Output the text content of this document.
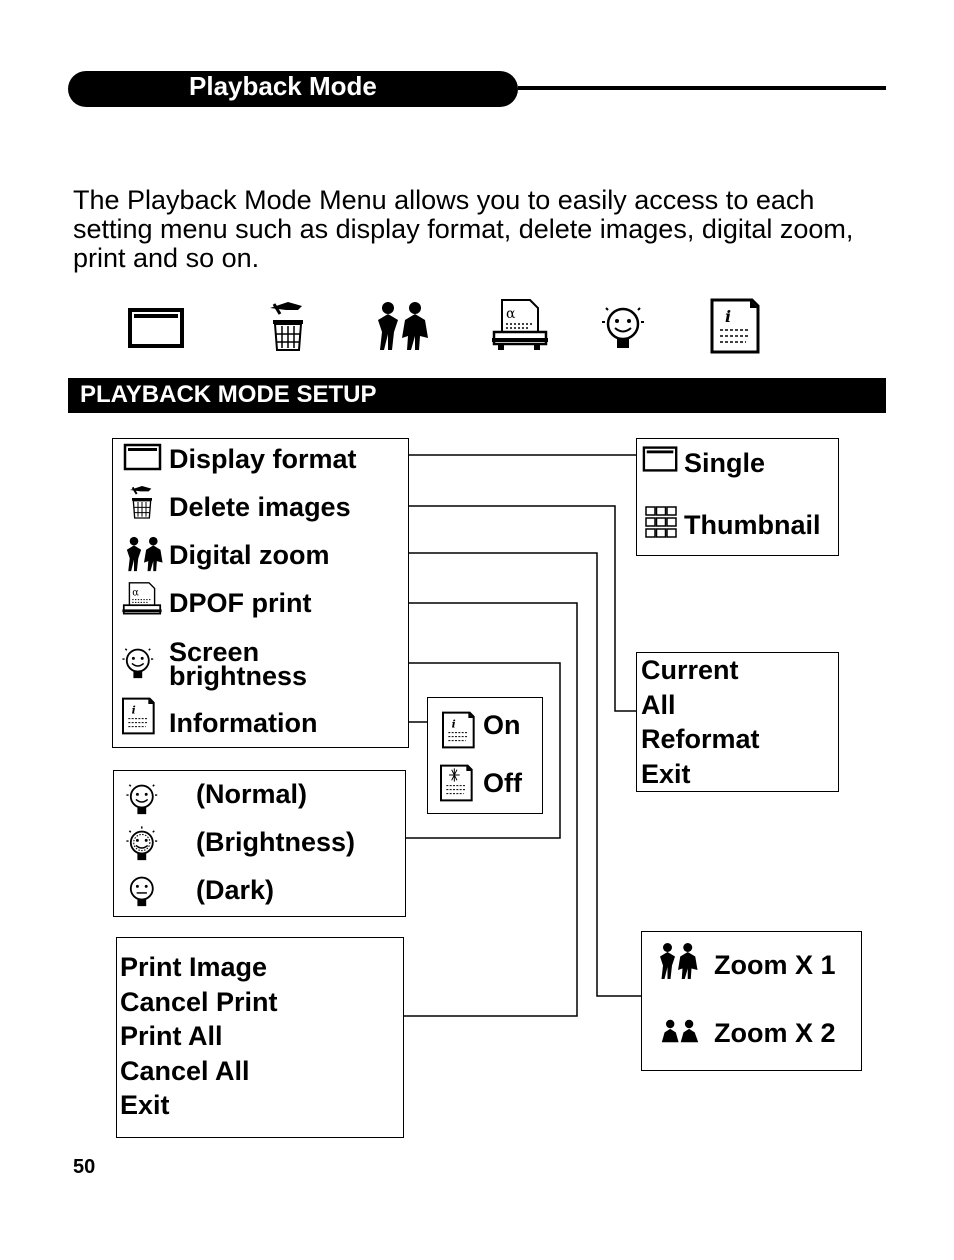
Playback Mode

The Playback Mode Menu allows you to easily access to each setting menu such as display format, delete images, digital zoom, print and so on.

α	i
PLAYBACK MODE SETUP
Display format
Delete images
Digital zoom
α DPOF print
Screen
brightness
i Information
Single
Thumbnail
Current
All
Reformat
Exit
i On
Off
(Normal)
(Brightness)
(Dark)
Print Image
Cancel Print
Print All
Cancel All
Exit
Zoom X 1
Zoom X 2
50
